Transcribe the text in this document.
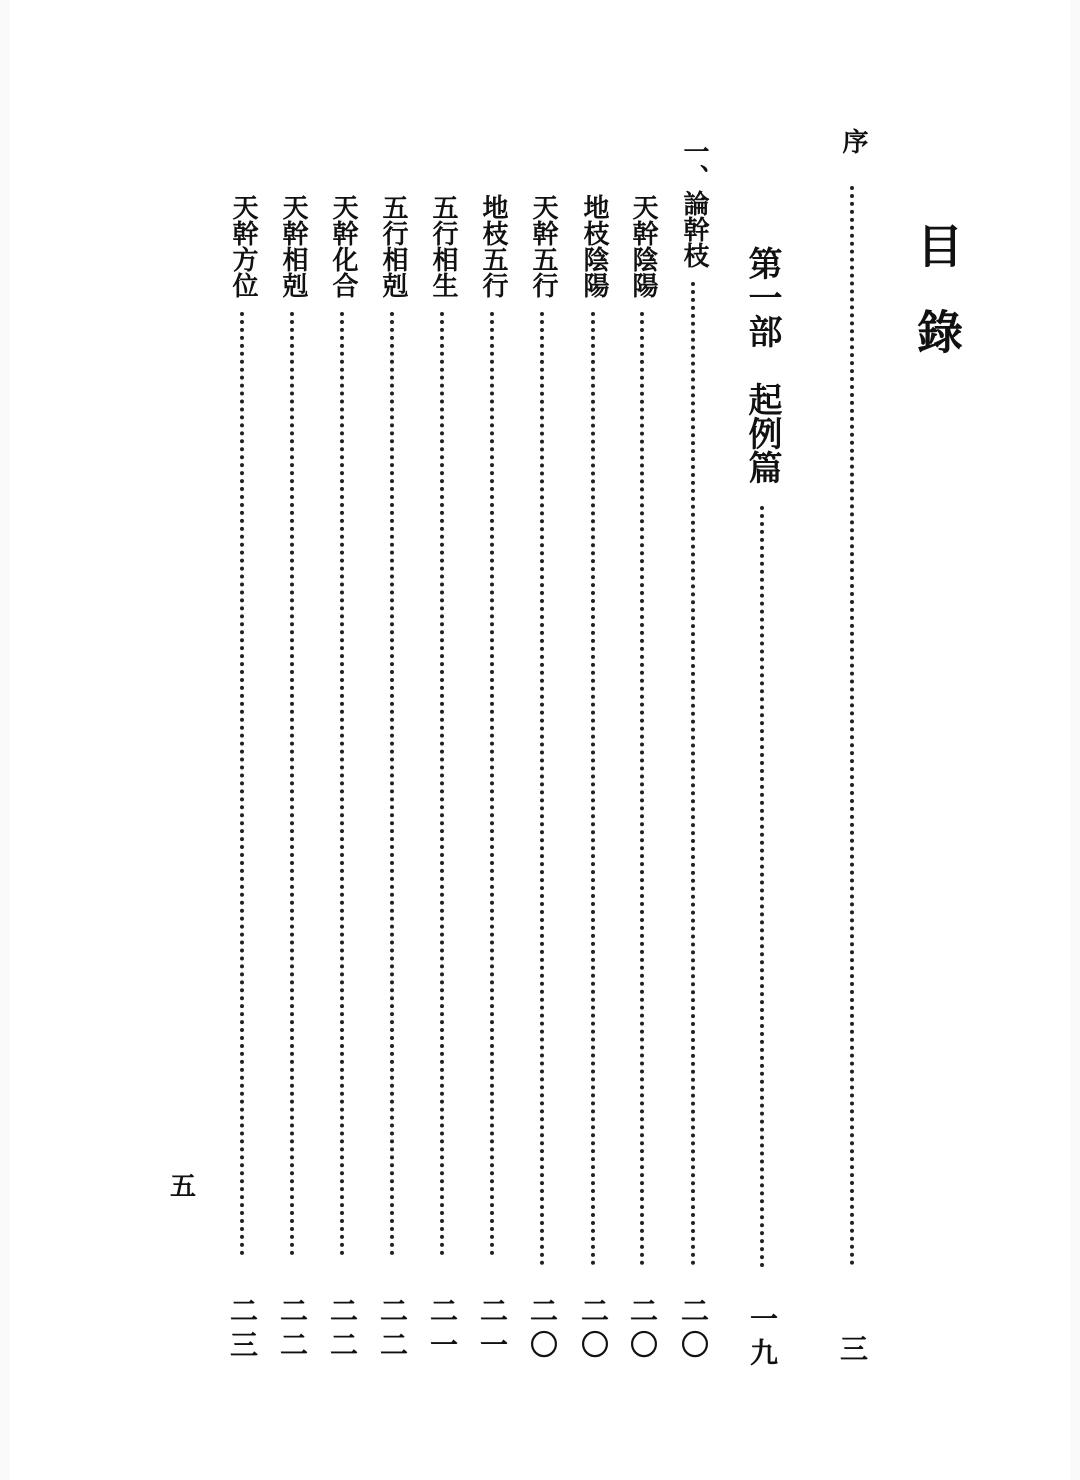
目錄
序
三
第一部　起例篇
一九
一、論幹枝
二〇
天幹陰陽
二〇
地枝陰陽
二〇
天幹五行
二〇
地枝五行
二一
五行相生
二一
五行相剋
二二
天幹化合
二二
天幹相剋
二二
天幹方位
二三
五
